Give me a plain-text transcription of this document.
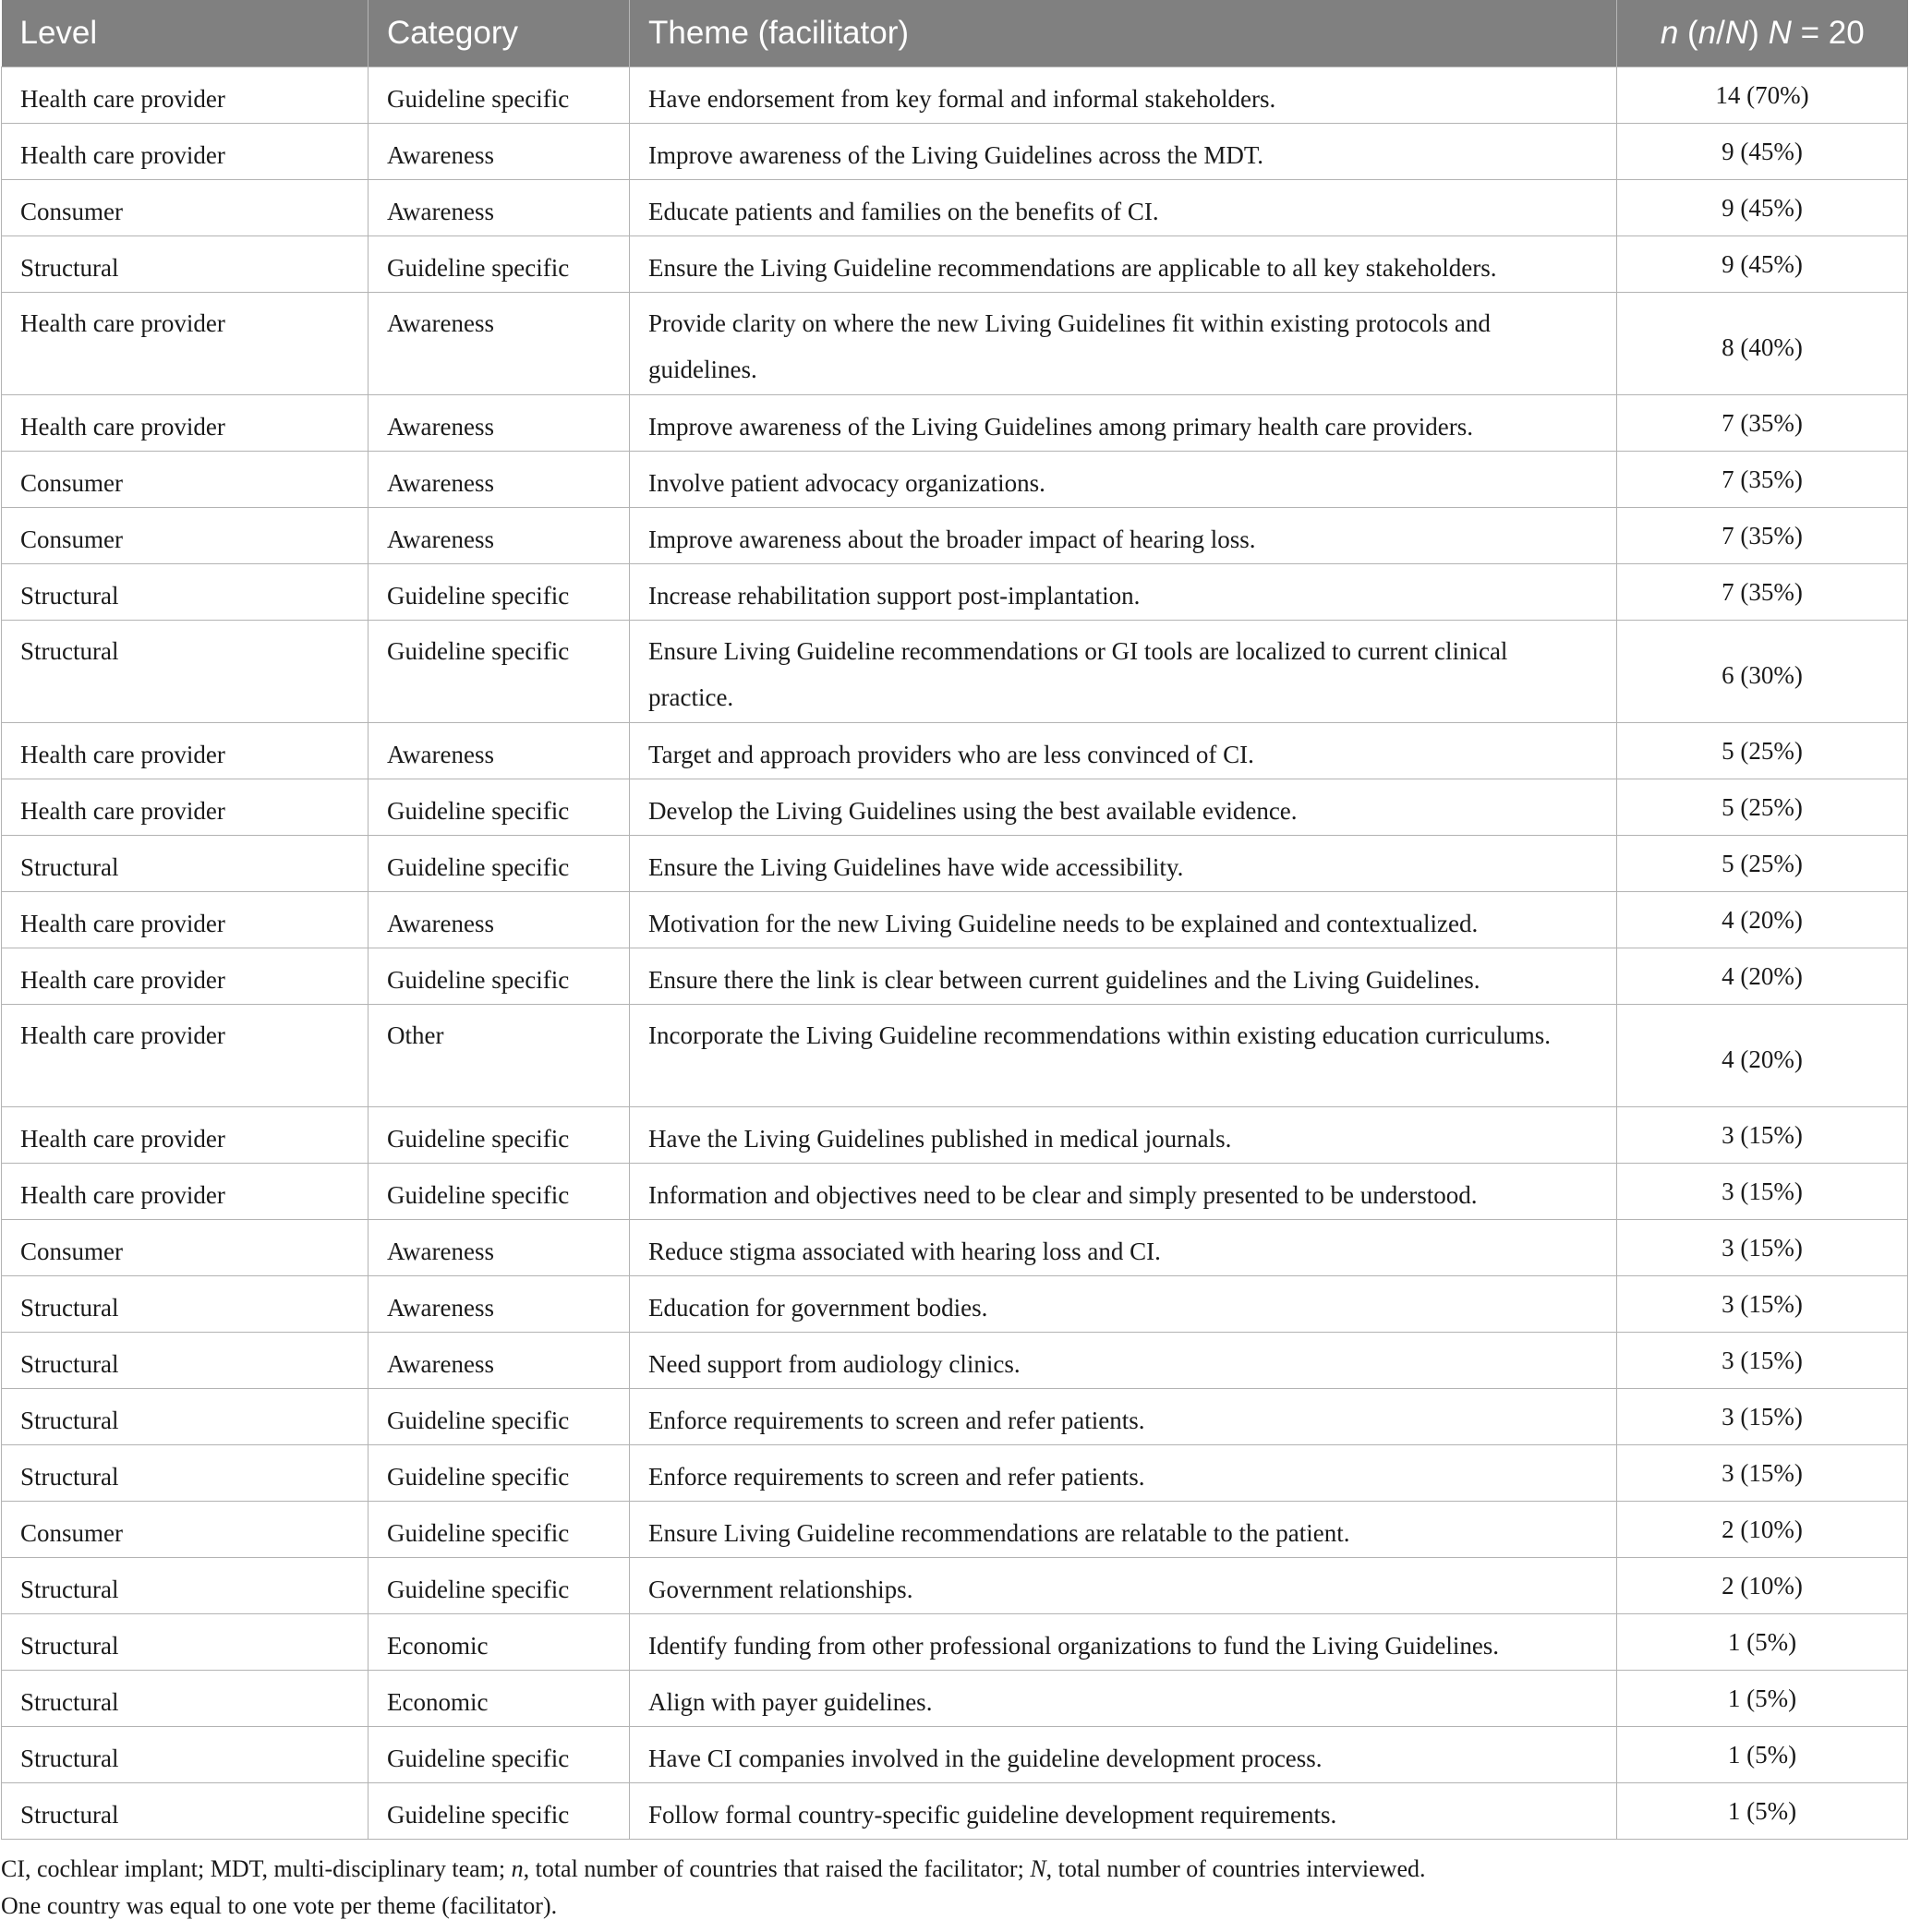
Level	Category	Theme (facilitator)	n (n/N) N = 20
Health care provider	Guideline specific	Have endorsement from key formal and informal stakeholders.	14 (70%)
Health care provider	Awareness	Improve awareness of the Living Guidelines across the MDT.	9 (45%)
Consumer	Awareness	Educate patients and families on the benefits of CI.	9 (45%)
Structural	Guideline specific	Ensure the Living Guideline recommendations are applicable to all key stakeholders.	9 (45%)
Health care provider	Awareness	Provide clarity on where the new Living Guidelines fit within existing protocols and guidelines.	8 (40%)
Health care provider	Awareness	Improve awareness of the Living Guidelines among primary health care providers.	7 (35%)
Consumer	Awareness	Involve patient advocacy organizations.	7 (35%)
Consumer	Awareness	Improve awareness about the broader impact of hearing loss.	7 (35%)
Structural	Guideline specific	Increase rehabilitation support post-implantation.	7 (35%)
Structural	Guideline specific	Ensure Living Guideline recommendations or GI tools are localized to current clinical practice.	6 (30%)
Health care provider	Awareness	Target and approach providers who are less convinced of CI.	5 (25%)
Health care provider	Guideline specific	Develop the Living Guidelines using the best available evidence.	5 (25%)
Structural	Guideline specific	Ensure the Living Guidelines have wide accessibility.	5 (25%)
Health care provider	Awareness	Motivation for the new Living Guideline needs to be explained and contextualized.	4 (20%)
Health care provider	Guideline specific	Ensure there the link is clear between current guidelines and the Living Guidelines.	4 (20%)
Health care provider	Other	Incorporate the Living Guideline recommendations within existing education curriculums.	4 (20%)
Health care provider	Guideline specific	Have the Living Guidelines published in medical journals.	3 (15%)
Health care provider	Guideline specific	Information and objectives need to be clear and simply presented to be understood.	3 (15%)
Consumer	Awareness	Reduce stigma associated with hearing loss and CI.	3 (15%)
Structural	Awareness	Education for government bodies.	3 (15%)
Structural	Awareness	Need support from audiology clinics.	3 (15%)
Structural	Guideline specific	Enforce requirements to screen and refer patients.	3 (15%)
Structural	Guideline specific	Enforce requirements to screen and refer patients.	3 (15%)
Consumer	Guideline specific	Ensure Living Guideline recommendations are relatable to the patient.	2 (10%)
Structural	Guideline specific	Government relationships.	2 (10%)
Structural	Economic	Identify funding from other professional organizations to fund the Living Guidelines.	1 (5%)
Structural	Economic	Align with payer guidelines.	1 (5%)
Structural	Guideline specific	Have CI companies involved in the guideline development process.	1 (5%)
Structural	Guideline specific	Follow formal country-specific guideline development requirements.	1 (5%)

CI, cochlear implant; MDT, multi-disciplinary team; n, total number of countries that raised the facilitator; N, total number of countries interviewed.

One country was equal to one vote per theme (facilitator).
